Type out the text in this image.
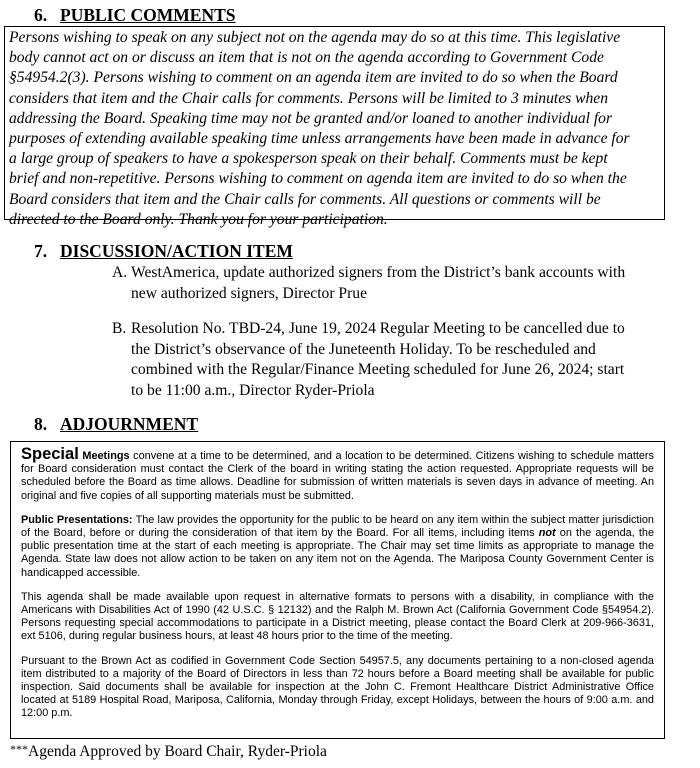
6. PUBLIC COMMENTS
Persons wishing to speak on any subject not on the agenda may do so at this time. This legislative
body cannot act on or discuss an item that is not on the agenda according to Government Code
§54954.2(3). Persons wishing to comment on an agenda item are invited to do so when the Board
considers that item and the Chair calls for comments. Persons will be limited to 3 minutes when
addressing the Board. Speaking time may not be granted and/or loaned to another individual for
purposes of extending available speaking time unless arrangements have been made in advance for
a large group of speakers to have a spokesperson speak on their behalf. Comments must be kept
brief and non-repetitive. Persons wishing to comment on agenda item are invited to do so when the
Board considers that item and the Chair calls for comments. All questions or comments will be
directed to the Board only. Thank you for your participation.
7. DISCUSSION/ACTION ITEM
A. WestAmerica, update authorized signers from the District’s bank accounts with
new authorized signers, Director Prue
B. Resolution No. TBD-24, June 19, 2024 Regular Meeting to be cancelled due to
the District’s observance of the Juneteenth Holiday. To be rescheduled and
combined with the Regular/Finance Meeting scheduled for June 26, 2024; start
to be 11:00 a.m., Director Ryder-Priola
8. ADJOURNMENT

Special Meetings convene at a time to be determined, and a location to be determined. Citizens wishing to schedule matters for Board consideration must contact the Clerk of the board in writing stating the action requested. Appropriate requests will be scheduled before the Board as time allows. Deadline for submission of written materials is seven days in advance of meeting. An original and five copies of all supporting materials must be submitted.

Public Presentations: The law provides the opportunity for the public to be heard on any item within the subject matter jurisdiction of the Board, before or during the consideration of that item by the Board. For all items, including items not on the agenda, the public presentation time at the start of each meeting is appropriate. The Chair may set time limits as appropriate to manage the Agenda. State law does not allow action to be taken on any item not on the Agenda. The Mariposa County Government Center is handicapped accessible.

This agenda shall be made available upon request in alternative formats to persons with a disability, in compliance with the Americans with Disabilities Act of 1990 (42 U.S.C. § 12132) and the Ralph M. Brown Act (California Government Code §54954.2). Persons requesting special accommodations to participate in a District meeting, please contact the Board Clerk at 209-966-3631, ext 5106, during regular business hours, at least 48 hours prior to the time of the meeting.

Pursuant to the Brown Act as codified in Government Code Section 54957.5, any documents pertaining to a non-closed agenda item distributed to a majority of the Board of Directors in less than 72 hours before a Board meeting shall be available for public inspection. Said documents shall be available for inspection at the John C. Fremont Healthcare District Administrative Office located at 5189 Hospital Road, Mariposa, California, Monday through Friday, except Holidays, between the hours of 9:00 a.m. and 12:00 p.m.

***Agenda Approved by Board Chair, Ryder-Priola
